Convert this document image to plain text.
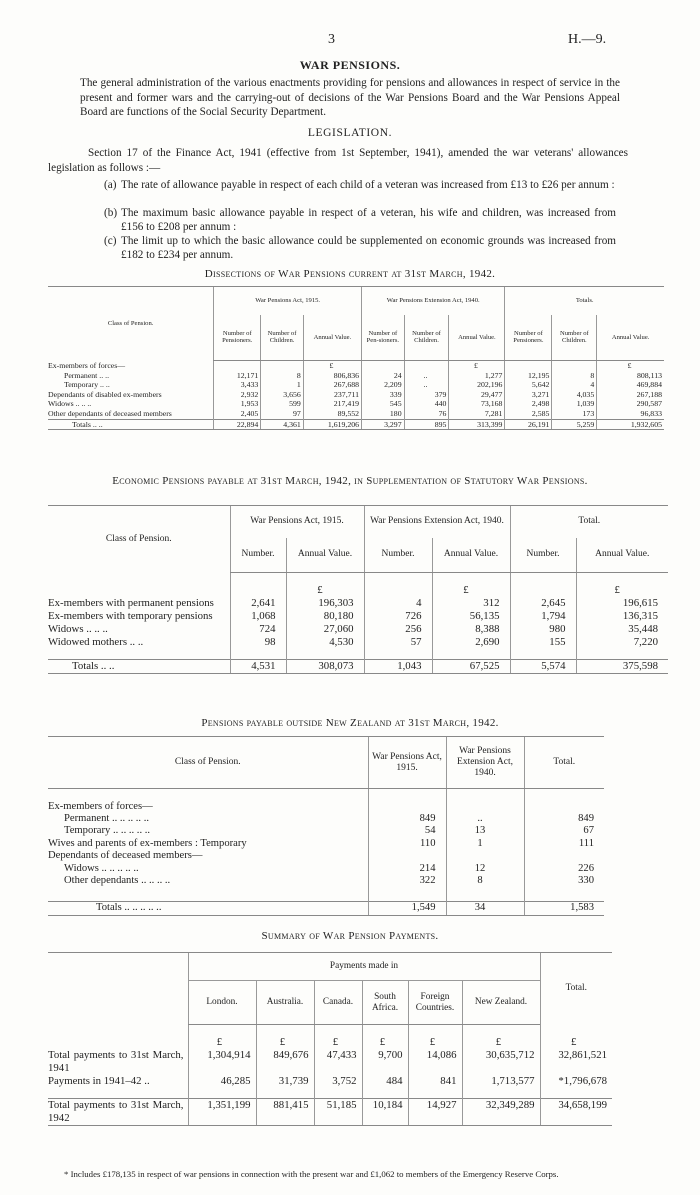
3	H.—9.
WAR PENSIONS.
The general administration of the various enactments providing for pensions and allowances in respect of service in the present and former wars and the carrying-out of decisions of the War Pensions Board and the War Pensions Appeal Board are functions of the Social Security Department.
LEGISLATION.
Section 17 of the Finance Act, 1941 (effective from 1st September, 1941), amended the war veterans' allowances legislation as follows :—
(a) The rate of allowance payable in respect of each child of a veteran was increased from £13 to £26 per annum :
(b) The maximum basic allowance payable in respect of a veteran, his wife and children, was increased from £156 to £208 per annum :
(c) The limit up to which the basic allowance could be supplemented on economic grounds was increased from £182 to £234 per annum.
Dissections of War Pensions current at 31st March, 1942.
Class of Pension.	War Pensions Act, 1915.			War Pensions Extension Act, 1940.			Totals.		
	Number of Pensioners.	Number of Children.	Annual Value.	Number of Pen-sioners.	Number of Children.	Annual Value.	Number of Pensioners.	Number of Children.	Annual Value.
Ex-members of forces—			£			£			£
Permanent .. ..	12,171	8	806,836	24	..	1,277	12,195	8	808,113
Temporary .. ..	3,433	1	267,688	2,209	..	202,196	5,642	4	469,884
Dependants of disabled ex-members	2,932	3,656	237,711	339	379	29,477	3,271	4,035	267,188
Widows .. .. ..	1,953	599	217,419	545	440	73,168	2,498	1,039	290,587
Other dependants of deceased members	2,405	97	89,552	180	76	7,281	2,585	173	96,833
Totals .. ..	22,894	4,361	1,619,206	3,297	895	313,399	26,191	5,259	1,932,605
Economic Pensions payable at 31st March, 1942, in Supplementation of Statutory War Pensions.
Class of Pension.	War Pensions Act, 1915.		War Pensions Extension Act, 1940.		Total.	
	Number.	Annual Value.	Number.	Annual Value.	Number.	Annual Value.
		£		£		£
Ex-members with permanent pensions	2,641	196,303	4	312	2,645	196,615
Ex-members with temporary pensions	1,068	80,180	726	56,135	1,794	136,315
Widows .. .. ..	724	27,060	256	8,388	980	35,448
Widowed mothers .. ..	98	4,530	57	2,690	155	7,220

Totals .. ..	4,531	308,073	1,043	67,525	5,574	375,598
Pensions payable outside New Zealand at 31st March, 1942.
Class of Pension.	War Pensions Act, 1915.	War Pensions Extension Act, 1940.	Total.

Ex-members of forces—			
Permanent .. .. .. .. ..	849	..	849
Temporary .. .. .. .. ..	54	13	67
Wives and parents of ex-members : Temporary	110	1	111
Dependants of deceased members—			
Widows .. .. .. .. ..	214	12	226
Other dependants .. .. .. ..	322	8	330

Totals .. .. .. .. ..	1,549	34	1,583
Summary of War Pension Payments.
	Payments made in						Total.
	London.	Australia.	Canada.	South Africa.	Foreign Countries.	New Zealand.	
	£	£	£	£	£	£	£
Total payments to 31st March, 1941	1,304,914	849,676	47,433	9,700	14,086	30,635,712	32,861,521
Payments in 1941–42 ..	46,285	31,739	3,752	484	841	1,713,577	*1,796,678

Total payments to 31st March, 1942	1,351,199	881,415	51,185	10,184	14,927	32,349,289	34,658,199
* Includes £178,135 in respect of war pensions in connection with the present war and £1,062 to members of the Emergency Reserve Corps.
